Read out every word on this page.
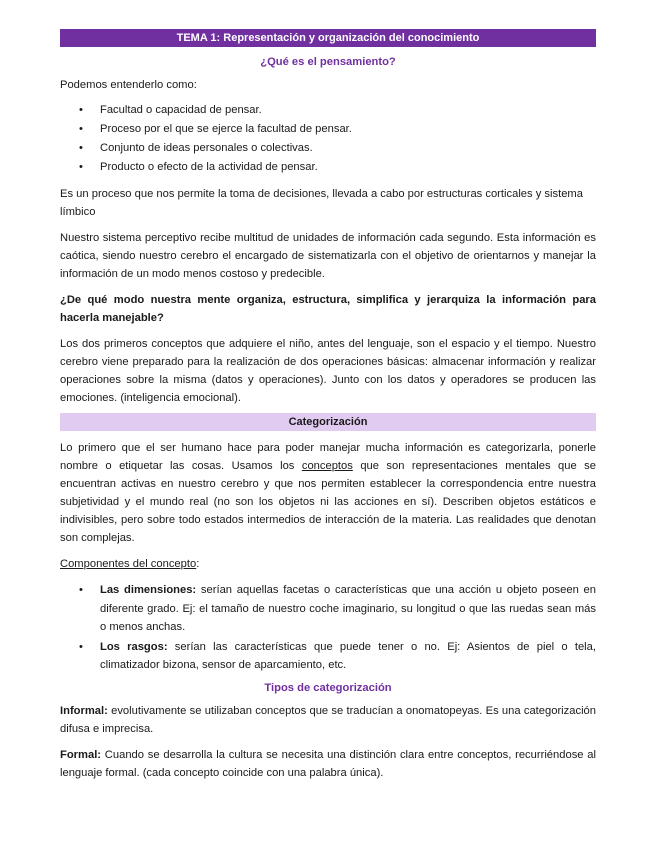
TEMA 1: Representación y organización del conocimiento
¿Qué es el pensamiento?

Podemos entenderlo como:

• Facultad o capacidad de pensar.
• Proceso por el que se ejerce la facultad de pensar.
• Conjunto de ideas personales o colectivas.
• Producto o efecto de la actividad de pensar.

Es un proceso que nos permite la toma de decisiones, llevada a cabo por estructuras corticales y sistema límbico

Nuestro sistema perceptivo recibe multitud de unidades de información cada segundo. Esta información es caótica, siendo nuestro cerebro el encargado de sistematizarla con el objetivo de orientarnos y manejar la información de un modo menos costoso y predecible.

¿De qué modo nuestra mente organiza, estructura, simplifica y jerarquiza la información para hacerla manejable?

Los dos primeros conceptos que adquiere el niño, antes del lenguaje, son el espacio y el tiempo. Nuestro cerebro viene preparado para la realización de dos operaciones básicas: almacenar información y realizar operaciones sobre la misma (datos y operaciones). Junto con los datos y operadores se producen las emociones. (inteligencia emocional).

Categorización

Lo primero que el ser humano hace para poder manejar mucha información es categorizarla, ponerle nombre o etiquetar las cosas. Usamos los conceptos que son representaciones mentales que se encuentran activas en nuestro cerebro y que nos permiten establecer la correspondencia entre nuestra subjetividad y el mundo real (no son los objetos ni las acciones en sí). Describen objetos estáticos e indivisibles, pero sobre todo estados intermedios de interacción de la materia. Las realidades que denotan son complejas.

Componentes del concepto:

• Las dimensiones: serían aquellas facetas o características que una acción u objeto poseen en diferente grado. Ej: el tamaño de nuestro coche imaginario, su longitud o que las ruedas sean más o menos anchas.
• Los rasgos: serían las características que puede tener o no. Ej: Asientos de piel o tela, climatizador bizona, sensor de aparcamiento, etc.
Tipos de categorización

Informal: evolutivamente se utilizaban conceptos que se traducían a onomatopeyas. Es una categorización difusa e imprecisa.

Formal: Cuando se desarrolla la cultura se necesita una distinción clara entre conceptos, recurriéndose al lenguaje formal. (cada concepto coincide con una palabra única).
